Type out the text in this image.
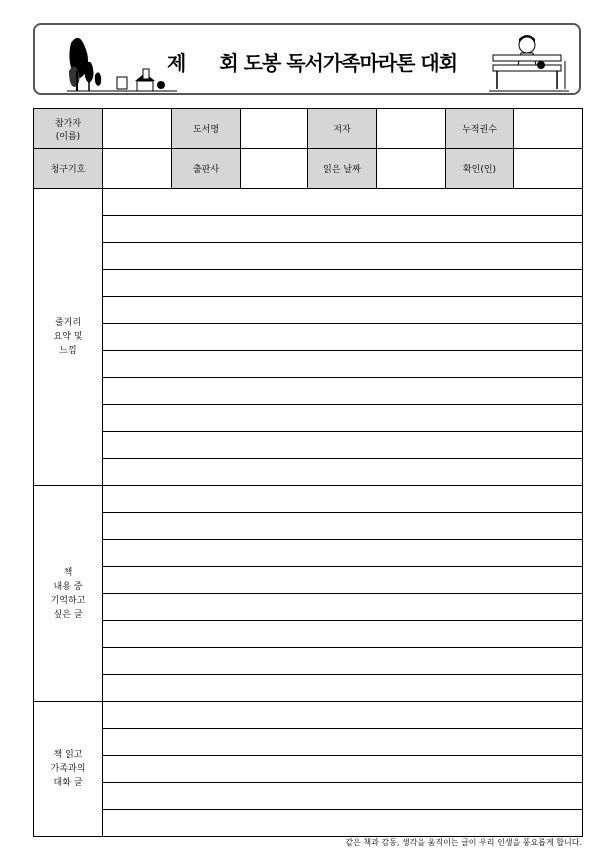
제 회 도봉 독서가족마라톤 대회
참가자
(이름)		도서명		저자		누적권수	
청구기호		출판사		읽은 날짜		확인(인)	
줄거리
요약 및
느낌							

책
내용 중
기억하고
싶은 글							

책 읽고
가족과의
대화 글							

같은 책과 감동, 생각을 움직이는 글이 우리 인생을 풍요롭게 합니다.
